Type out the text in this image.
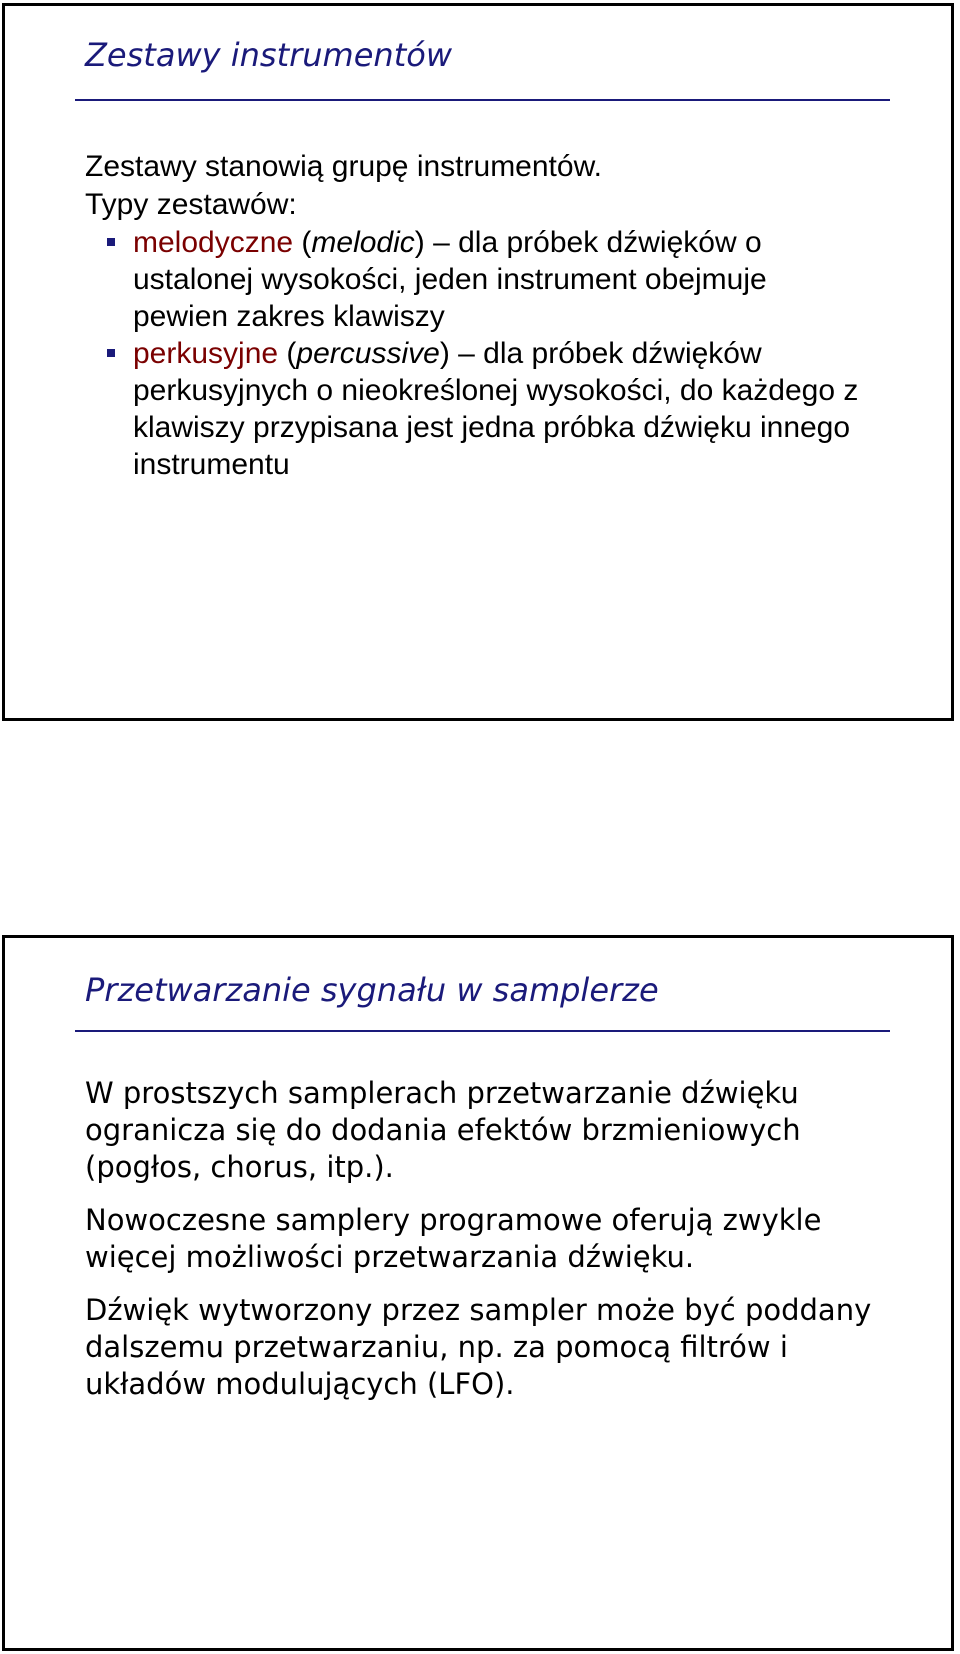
Zestawy instrumentów

Zestawy stanowią grupę instrumentów.

Typy zestawów:

melodyczne (melodic) – dla próbek dźwięków o ustalonej wysokości, jeden instrument obejmuje pewien zakres klawiszy
perkusyjne (percussive) – dla próbek dźwięków perkusyjnych o nieokreślonej wysokości, do każdego z klawiszy przypisana jest jedna próbka dźwięku innego instrumentu
Przetwarzanie sygnału w samplerze

W prostszych samplerach przetwarzanie dźwięku ogranicza się do dodania efektów brzmieniowych (pogłos, chorus, itp.).

Nowoczesne samplery programowe oferują zwykle więcej możliwości przetwarzania dźwięku.

Dźwięk wytworzony przez sampler może być poddany dalszemu przetwarzaniu, np. za pomocą filtrów i układów modulujących (LFO).
